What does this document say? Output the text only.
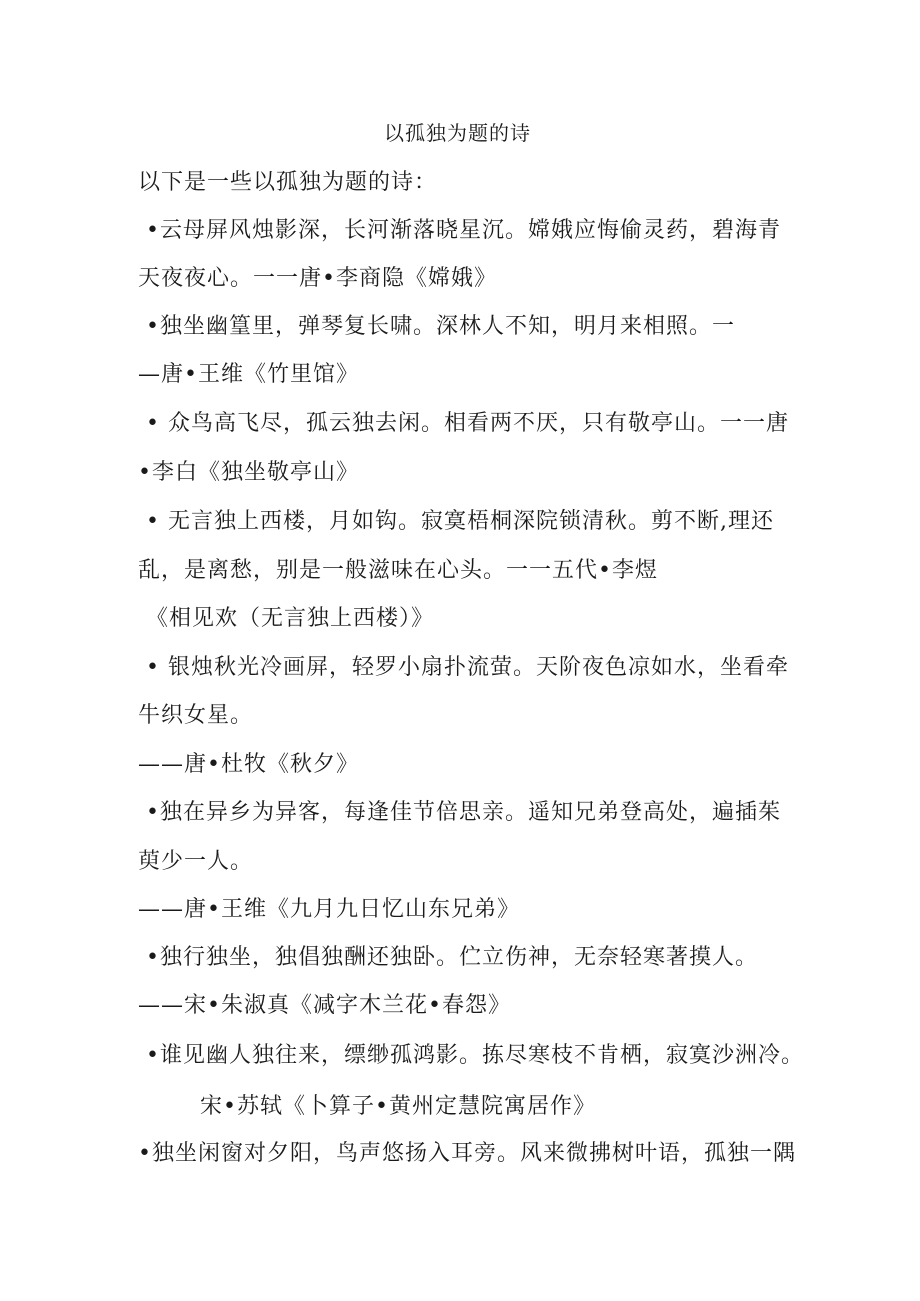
以孤独为题的诗
以下是一些以孤独为题的诗：
•云母屏风烛影深，长河渐落晓星沉。嫦娥应悔偷灵药，碧海青
天夜夜心。一一唐•李商隐《嫦娥》
•独坐幽篁里，弹琴复长啸。深林人不知，明月来相照。一
—唐•王维《竹里馆》
• 众鸟高飞尽，孤云独去闲。相看两不厌，只有敬亭山。一一唐
•李白《独坐敬亭山》
• 无言独上西楼，月如钩。寂寞梧桐深院锁清秋。剪不断,理还
乱，是离愁，别是一般滋味在心头。一一五代•李煜
《相见欢（无言独上西楼）》
• 银烛秋光冷画屏，轻罗小扇扑流萤。天阶夜色凉如水，坐看牵
牛织女星。
——唐•杜牧《秋夕》
•独在异乡为异客，每逢佳节倍思亲。遥知兄弟登高处，遍插茱
萸少一人。
——唐•王维《九月九日忆山东兄弟》
•独行独坐，独倡独酬还独卧。伫立伤神，无奈轻寒著摸人。
——宋•朱淑真《减字木兰花•春怨》
•谁见幽人独往来，缥缈孤鸿影。拣尽寒枝不肯栖，寂寞沙洲冷。
宋•苏轼《卜算子•黄州定慧院寓居作》
•独坐闲窗对夕阳，鸟声悠扬入耳旁。风来微拂树叶语，孤独一隅
